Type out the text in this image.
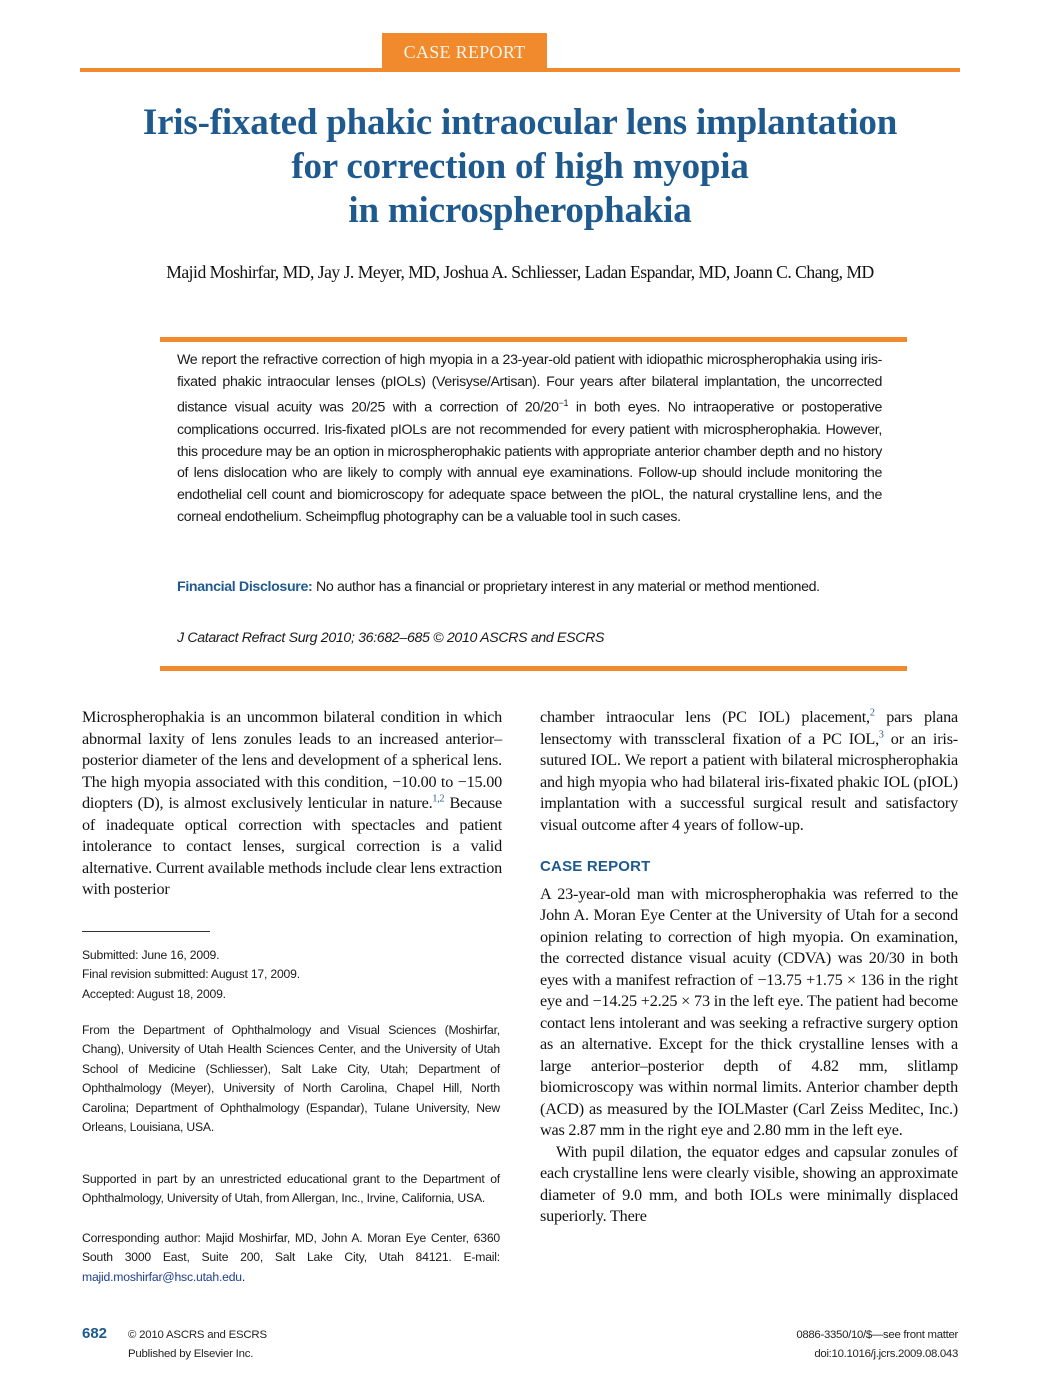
CASE REPORT
Iris-fixated phakic intraocular lens implantation
for correction of high myopia
in microspherophakia
Majid Moshirfar, MD, Jay J. Meyer, MD, Joshua A. Schliesser, Ladan Espandar, MD, Joann C. Chang, MD
We report the refractive correction of high myopia in a 23-year-old patient with idiopathic microspherophakia using iris-fixated phakic intraocular lenses (pIOLs) (Verisyse/Artisan). Four years after bilateral implantation, the uncorrected distance visual acuity was 20/25 with a correction of $20/20^{-1}$ in both eyes. No intraoperative or postoperative complications occurred. Iris-fixated pIOLs are not recommended for every patient with microspherophakia. However, this procedure may be an option in microspherophakic patients with appropriate anterior chamber depth and no history of lens dislocation who are likely to comply with annual eye examinations. Follow-up should include monitoring the endothelial cell count and biomicroscopy for adequate space between the pIOL, the natural crystalline lens, and the corneal endothelium. Scheimpflug photography can be a valuable tool in such cases.
Financial Disclosure: No author has a financial or proprietary interest in any material or method mentioned.
J Cataract Refract Surg 2010; 36:682–685 © 2010 ASCRS and ESCRS

Microspherophakia is an uncommon bilateral condition in which abnormal laxity of lens zonules leads to an increased anterior–posterior diameter of the lens and development of a spherical lens. The high myopia associated with this condition, −10.00 to −15.00 diopters (D), is almost exclusively lenticular in nature.$^{1,2}$ Because of inadequate optical correction with spectacles and patient intolerance to contact lenses, surgical correction is a valid alternative. Current available methods include clear lens extraction with posterior

Submitted: June 16, 2009.
Final revision submitted: August 17, 2009.
Accepted: August 18, 2009.
From the Department of Ophthalmology and Visual Sciences (Moshirfar, Chang), University of Utah Health Sciences Center, and the University of Utah School of Medicine (Schliesser), Salt Lake City, Utah; Department of Ophthalmology (Meyer), University of North Carolina, Chapel Hill, North Carolina; Department of Ophthalmology (Espandar), Tulane University, New Orleans, Louisiana, USA.
Supported in part by an unrestricted educational grant to the Department of Ophthalmology, University of Utah, from Allergan, Inc., Irvine, California, USA.
Corresponding author: Majid Moshirfar, MD, John A. Moran Eye Center, 6360 South 3000 East, Suite 200, Salt Lake City, Utah 84121. E-mail: majid.moshirfar@hsc.utah.edu.

chamber intraocular lens (PC IOL) placement,$^2$ pars plana lensectomy with transscleral fixation of a PC IOL,$^3$ or an iris-sutured IOL. We report a patient with bilateral microspherophakia and high myopia who had bilateral iris-fixated phakic IOL (pIOL) implantation with a successful surgical result and satisfactory visual outcome after 4 years of follow-up.

CASE REPORT

A 23-year-old man with microspherophakia was referred to the John A. Moran Eye Center at the University of Utah for a second opinion relating to correction of high myopia. On examination, the corrected distance visual acuity (CDVA) was 20/30 in both eyes with a manifest refraction of −13.75 +1.75 × 136 in the right eye and −14.25 +2.25 × 73 in the left eye. The patient had become contact lens intolerant and was seeking a refractive surgery option as an alternative. Except for the thick crystalline lenses with a large anterior–posterior depth of 4.82 mm, slitlamp biomicroscopy was within normal limits. Anterior chamber depth (ACD) as measured by the IOLMaster (Carl Zeiss Meditec, Inc.) was 2.87 mm in the right eye and 2.80 mm in the left eye.

With pupil dilation, the equator edges and capsular zonules of each crystalline lens were clearly visible, showing an approximate diameter of 9.0 mm, and both IOLs were minimally displaced superiorly. There

682 © 2010 ASCRS and ESCRS
Published by Elsevier Inc.
0886-3350/10/$—see front matter
doi:10.1016/j.jcrs.2009.08.043
